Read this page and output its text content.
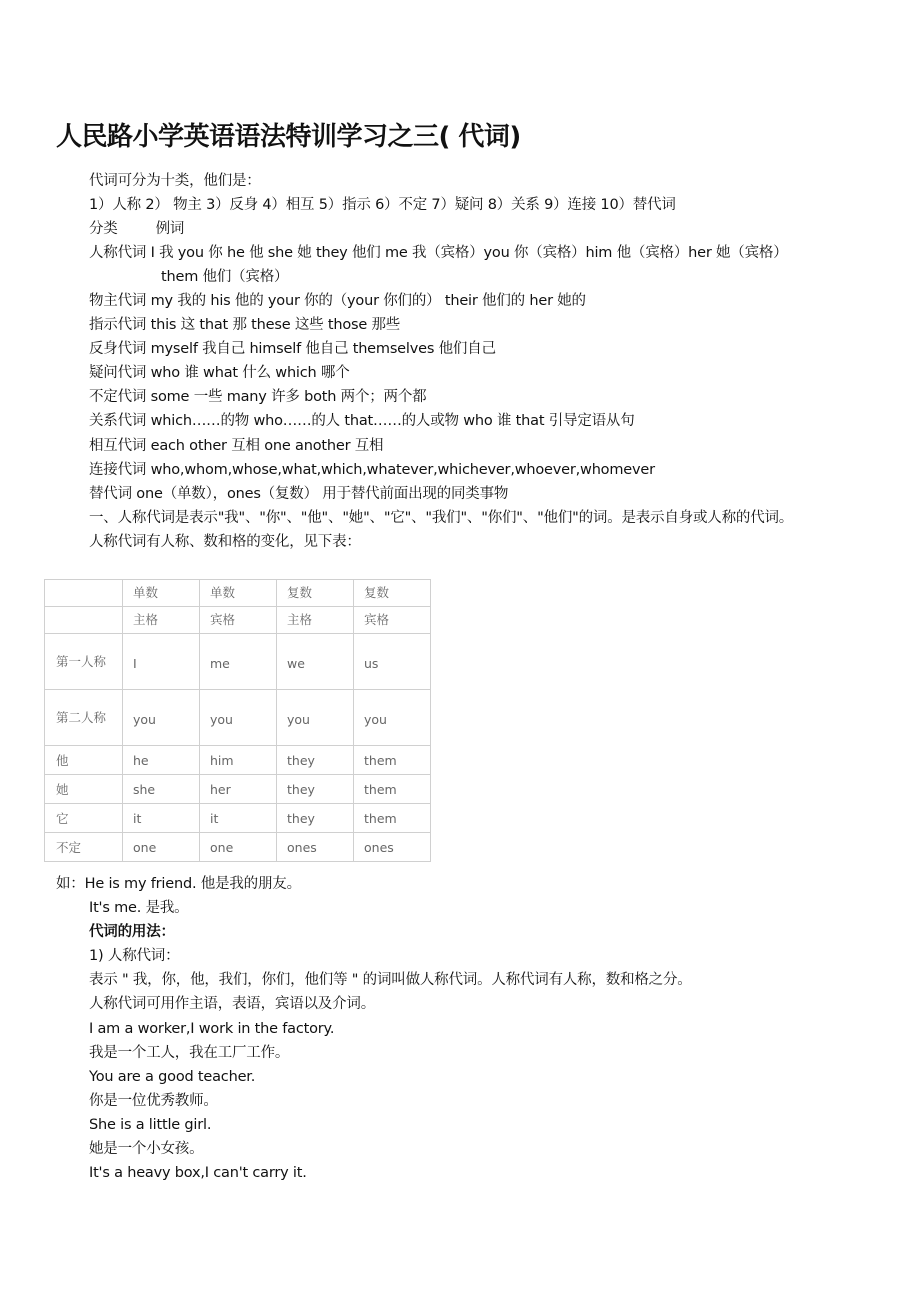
人民路小学英语语法特训学习之三( 代词)
代词可分为十类，他们是：
1）人称 2） 物主 3）反身 4）相互 5）指示 6）不定 7）疑问 8）关系 9）连接 10）替代词
分类	例词
人称代词 I 我 you 你 he 他 she 她 they 他们 me 我（宾格）you 你（宾格）him 他（宾格）her 她（宾格）
them 他们（宾格）
物主代词 my 我的 his 他的 your 你的（your 你们的） their 他们的 her 她的
指示代词 this 这 that 那 these 这些 those 那些
反身代词 myself 我自己 himself 他自己 themselves 他们自己
疑问代词 who 谁 what 什么 which 哪个
不定代词 some 一些 many 许多 both 两个；两个都
关系代词 which……的物 who……的人 that……的人或物 who 谁 that 引导定语从句
相互代词 each other 互相 one another 互相
连接代词 who,whom,whose,what,which,whatever,whichever,whoever,whomever
替代词 one（单数），ones（复数） 用于替代前面出现的同类事物
一、人称代词是表示"我"、"你"、"他"、"她"、"它"、"我们"、"你们"、"他们"的词。是表示自身或人称的代词。
人称代词有人称、数和格的变化，见下表：
	单数	单数	复数	复数
	主格	宾格	主格	宾格
第一人称	I	me	we	us
第二人称	you	you	you	you
他	he	him	they	them
她	she	her	they	them
它	it	it	they	them
不定	one	one	ones	ones
如：He is my friend. 他是我的朋友。
It's me. 是我。
代词的用法：
1) 人称代词：
表示 " 我，你，他，我们，你们，他们等 " 的词叫做人称代词。人称代词有人称，数和格之分。
人称代词可用作主语，表语，宾语以及介词。
I am a worker,I work in the factory.
我是一个工人，我在工厂工作。
You are a good teacher.
你是一位优秀教师。
She is a little girl.
她是一个小女孩。
It's a heavy box,I can't carry it.
